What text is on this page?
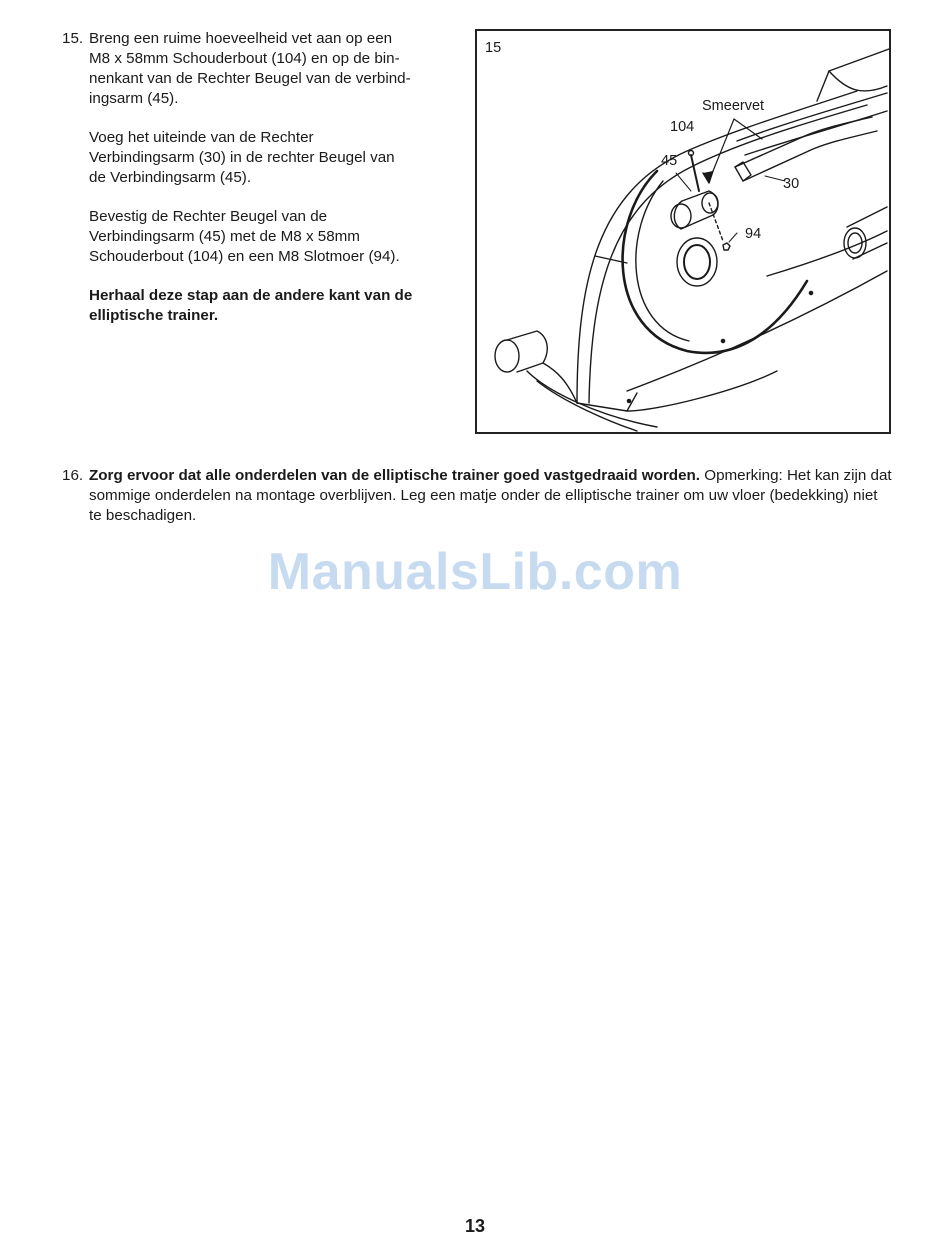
15. Breng een ruime hoeveelheid vet aan op een
M8 x 58mm Schouderbout (104) en op de bin-
nenkant van de Rechter Beugel van de verbind-
ingsarm (45).

Voeg het uiteinde van de Rechter
Verbindingsarm (30) in de rechter Beugel van
de Verbindingsarm (45).

Bevestig de Rechter Beugel van de
Verbindingsarm (45) met de M8 x 58mm
Schouderbout (104) en een M8 Slotmoer (94).

Herhaal deze stap aan de andere kant van de
elliptische trainer.

15
Smeervet
104
45
30
94
16. Zorg ervoor dat alle onderdelen van de elliptische trainer goed vastgedraaid worden. Opmerking: Het kan zijn dat sommige onderdelen na montage overblijven. Leg een matje onder de elliptische trainer om uw vloer (bedekking) niet te beschadigen.
ManualsLib.com
13
